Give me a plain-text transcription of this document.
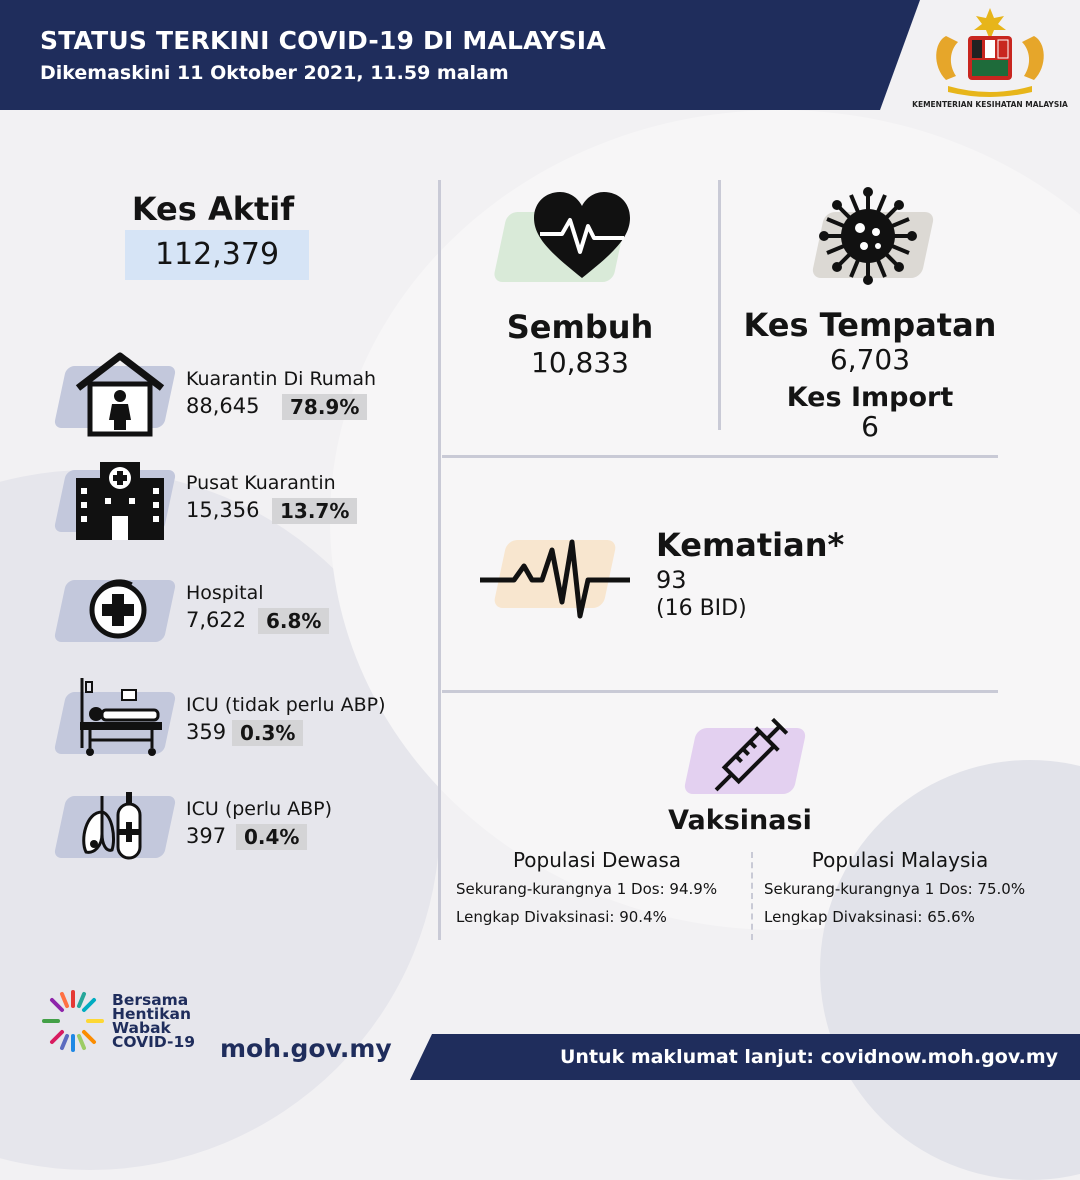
STATUS TERKINI COVID-19 DI MALAYSIA
Dikemaskini 11 Oktober 2021, 11.59 malam
KEMENTERIAN KESIHATAN MALAYSIA
Kes Aktif
112,379
Kuarantin Di Rumah
88,645	78.9%
Pusat Kuarantin
15,356	13.7%
Hospital
7,622 6.8%
ICU (tidak perlu ABP)
359 0.3%
ICU (perlu ABP)
397 0.4%
Sembuh
10,833
Kes Tempatan
6,703
Kes Import
6
Kematian*
93
(16 BID)
Vaksinasi
Populasi Dewasa
Sekurang-kurangnya 1 Dos: 94.9%
Lengkap Divaksinasi: 90.4%
Populasi Malaysia
Sekurang-kurangnya 1 Dos: 75.0%
Lengkap Divaksinasi: 65.6%
Bersama
Hentikan
Wabak
COVID-19 moh.gov.my	Untuk maklumat lanjut: covidnow.moh.gov.my
